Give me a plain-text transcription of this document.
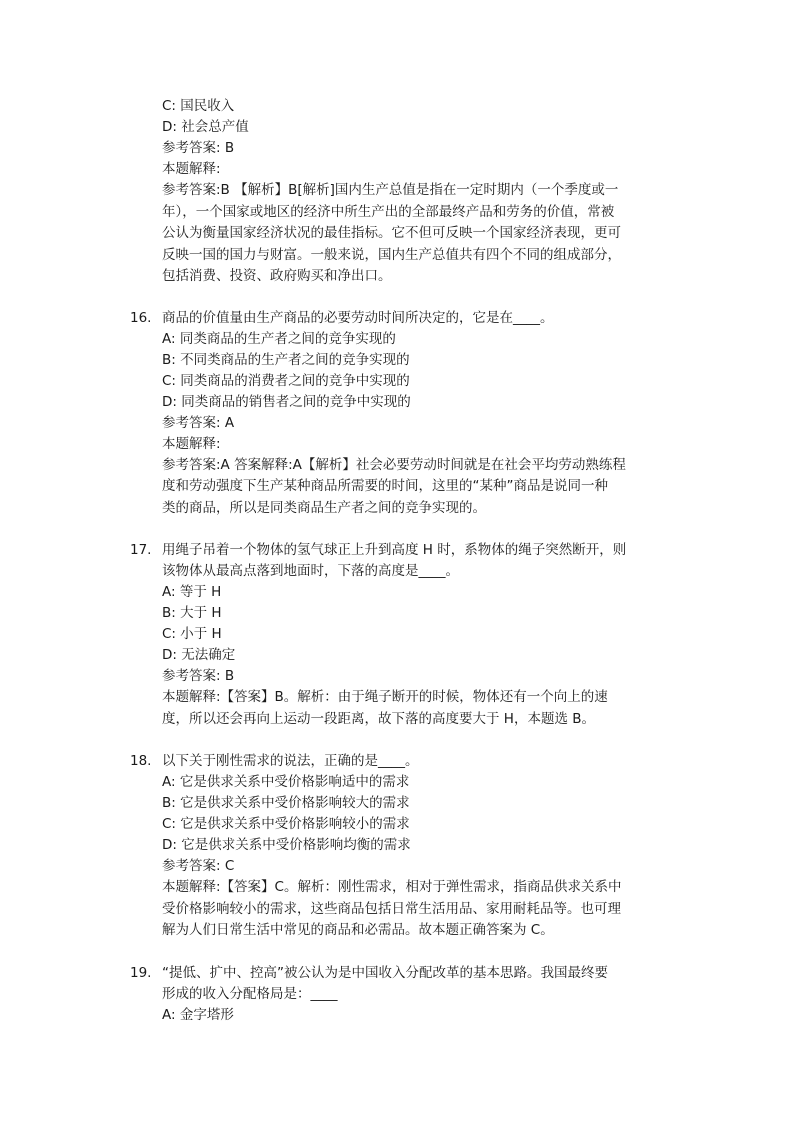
C: 国民收入
D: 社会总产值
参考答案: B
本题解释:
参考答案:B 【解析】B[解析]国内生产总值是指在一定时期内（一个季度或一
年），一个国家或地区的经济中所生产出的全部最终产品和劳务的价值，常被
公认为衡量国家经济状况的最佳指标。它不但可反映一个国家经济表现，更可
反映一国的国力与财富。一般来说，国内生产总值共有四个不同的组成部分，
包括消费、投资、政府购买和净出口。
16. 商品的价值量由生产商品的必要劳动时间所决定的，它是在____。
A: 同类商品的生产者之间的竞争实现的
B: 不同类商品的生产者之间的竞争实现的
C: 同类商品的消费者之间的竞争中实现的
D: 同类商品的销售者之间的竞争中实现的
参考答案: A
本题解释:
参考答案:A 答案解释:A【解析】社会必要劳动时间就是在社会平均劳动熟练程
度和劳动强度下生产某种商品所需要的时间，这里的“某种”商品是说同一种
类的商品，所以是同类商品生产者之间的竞争实现的。
17. 用绳子吊着一个物体的氢气球正上升到高度 H 时，系物体的绳子突然断开，则
该物体从最高点落到地面时，下落的高度是____。
A: 等于 H
B: 大于 H
C: 小于 H
D: 无法确定
参考答案: B
本题解释:【答案】B。解析：由于绳子断开的时候，物体还有一个向上的速
度，所以还会再向上运动一段距离，故下落的高度要大于 H，本题选 B。
18. 以下关于刚性需求的说法，正确的是____。
A: 它是供求关系中受价格影响适中的需求
B: 它是供求关系中受价格影响较大的需求
C: 它是供求关系中受价格影响较小的需求
D: 它是供求关系中受价格影响均衡的需求
参考答案: C
本题解释:【答案】C。解析：刚性需求，相对于弹性需求，指商品供求关系中
受价格影响较小的需求，这些商品包括日常生活用品、家用耐耗品等。也可理
解为人们日常生活中常见的商品和必需品。故本题正确答案为 C。
19. “提低、扩中、控高”被公认为是中国收入分配改革的基本思路。我国最终要
形成的收入分配格局是：____
A: 金字塔形
